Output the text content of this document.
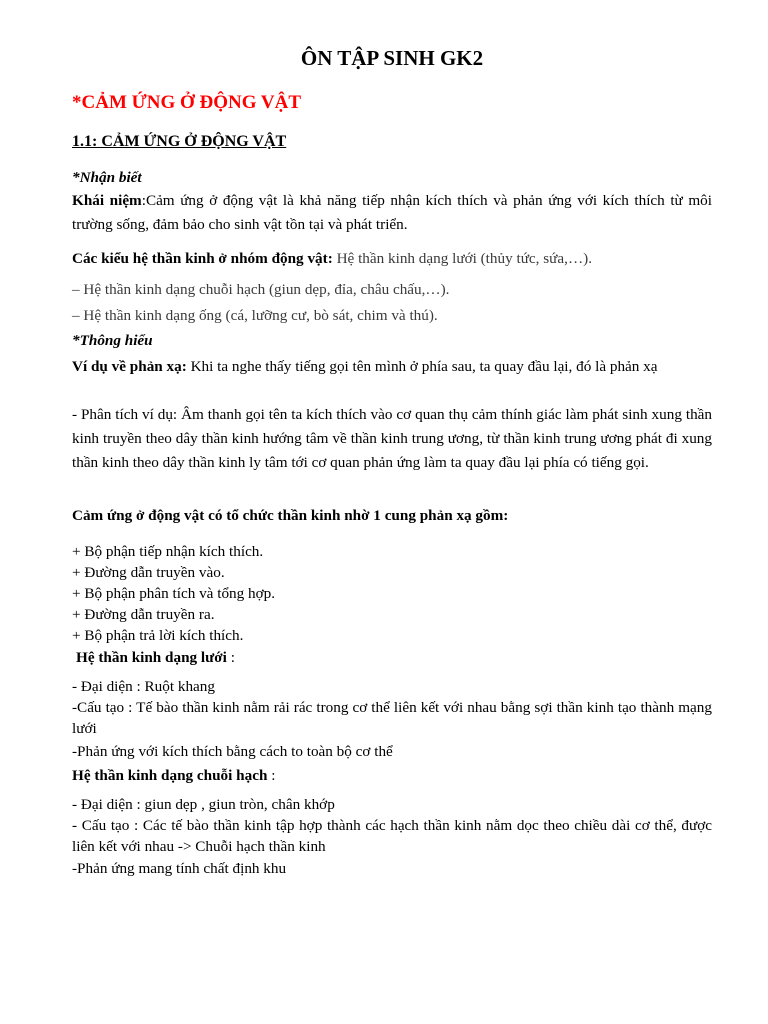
ÔN TẬP SINH GK2
*CẢM ỨNG Ở ĐỘNG VẬT
1.1: CẢM ỨNG Ở ĐỘNG VẬT
*Nhận biết
Khái niệm:Cảm ứng ở động vật là khả năng tiếp nhận kích thích và phản ứng với kích thích từ môi trường sống, đảm bảo cho sinh vật tồn tại và phát triển.
Các kiểu hệ thần kinh ở nhóm động vật: Hệ thần kinh dạng lưới (thủy tức, sứa,…).
– Hệ thần kinh dạng chuỗi hạch (giun dẹp, đỉa, châu chấu,…).
– Hệ thần kinh dạng ống (cá, lưỡng cư, bò sát, chim và thú).
*Thông hiểu
Ví dụ về phản xạ: Khi ta nghe thấy tiếng gọi tên mình ở phía sau, ta quay đầu lại, đó là phản xạ
- Phân tích ví dụ: Âm thanh gọi tên ta kích thích vào cơ quan thụ cảm thính giác làm phát sinh xung thần kinh truyền theo dây thần kinh hướng tâm về thần kinh trung ương, từ thần kinh trung ương phát đi xung thần kinh theo dây thần kinh ly tâm tới cơ quan phản ứng làm ta quay đầu lại phía có tiếng gọi.
Cảm ứng ở động vật có tổ chức thần kinh nhờ 1 cung phản xạ gồm:
+ Bộ phận tiếp nhận kích thích.
+ Đường dẫn truyền vào.
+ Bộ phận phân tích và tổng hợp.
+ Đường dẫn truyền ra.
+ Bộ phận trả lời kích thích.
Hệ thần kinh dạng lưới :
- Đại diện : Ruột khang
-Cấu tạo : Tế bào thần kinh nằm rải rác trong cơ thể liên kết với nhau bằng sợi thần kinh tạo thành mạng lưới
-Phản ứng với kích thích bằng cách to toàn bộ cơ thể
Hệ thần kinh dạng chuỗi hạch :
- Đại diện : giun dẹp , giun tròn, chân khớp
- Cấu tạo : Các tế bào thần kinh tập hợp thành các hạch thần kinh nằm dọc theo chiều dài cơ thể, được liên kết với nhau -> Chuỗi hạch thần kinh
-Phản ứng mang tính chất định khu
